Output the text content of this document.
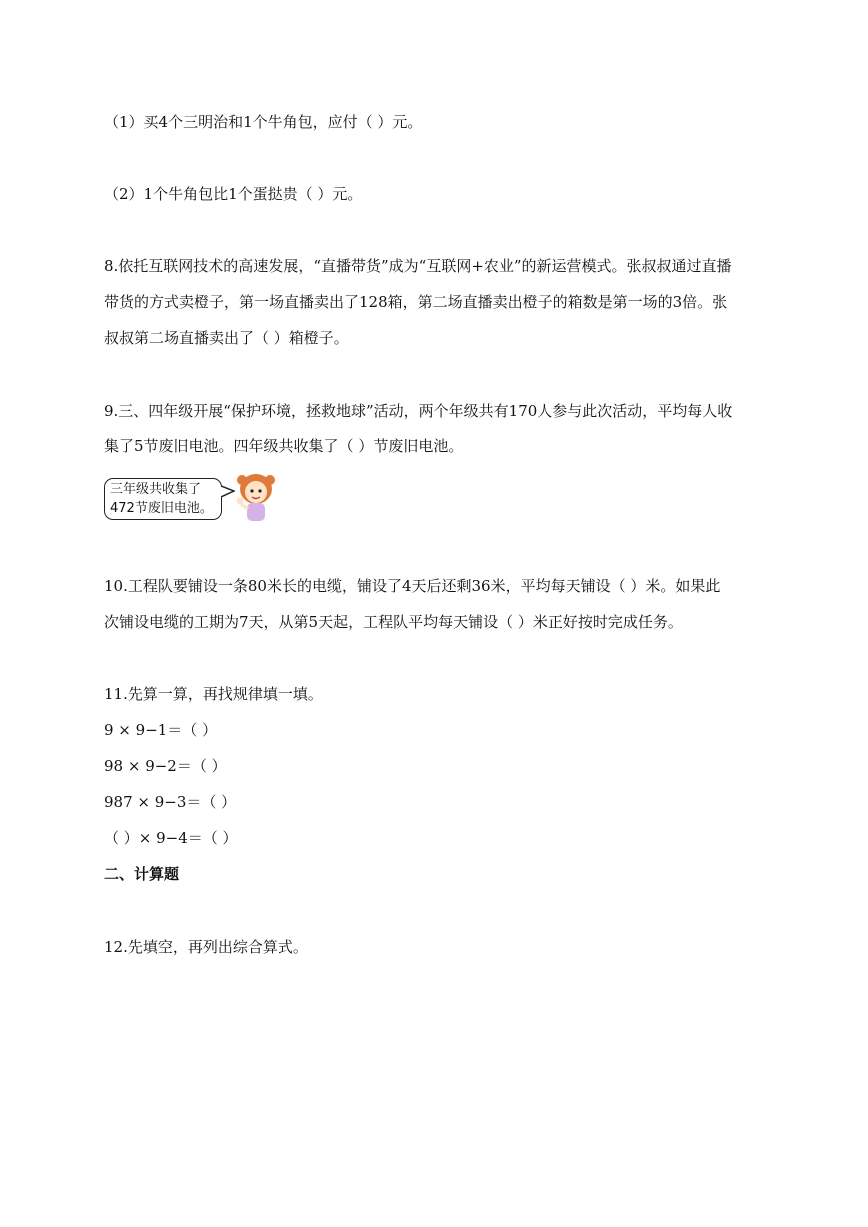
（1）买4个三明治和1个牛角包，应付（ ）元。
（2）1个牛角包比1个蛋挞贵（ ）元。
8.依托互联网技术的高速发展，“直播带货”成为“互联网+农业”的新运营模式。张叔叔通过直播
带货的方式卖橙子，第一场直播卖出了128箱，第二场直播卖出橙子的箱数是第一场的3倍。张
叔叔第二场直播卖出了（ ）箱橙子。
9.三、四年级开展“保护环境，拯救地球”活动，两个年级共有170人参与此次活动，平均每人收
集了5节废旧电池。四年级共收集了（ ）节废旧电池。
三年级共收集了
472节废旧电池。
10.工程队要铺设一条80米长的电缆，铺设了4天后还剩36米，平均每天铺设（ ）米。如果此
次铺设电缆的工期为7天，从第5天起，工程队平均每天铺设（ ）米正好按时完成任务。
11.先算一算，再找规律填一填。
9 × 9−1＝（ ）
98 × 9−2＝（ ）
987 × 9−3＝（ ）
（ ）× 9−4＝（ ）
二、计算题
12.先填空，再列出综合算式。
